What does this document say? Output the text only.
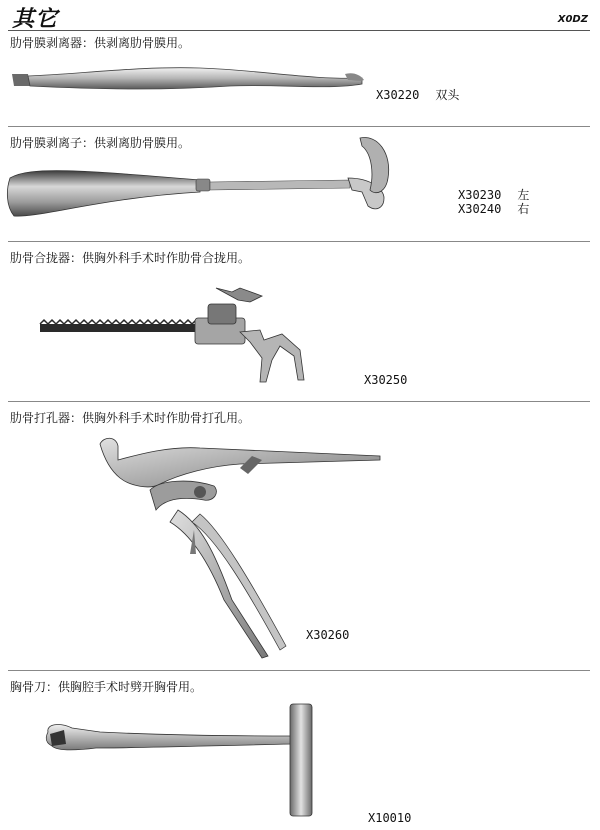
其它	X0DZ
肋骨膜剥离器：供剥离肋骨膜用。
X30220 双头
肋骨膜剥离子：供剥离肋骨膜用。
X30230 左
X30240 右
肋骨合拢器：供胸外科手术时作肋骨合拢用。
X30250
肋骨打孔器：供胸外科手术时作肋骨打孔用。
X30260
胸骨刀：供胸腔手术时劈开胸骨用。
X10010
